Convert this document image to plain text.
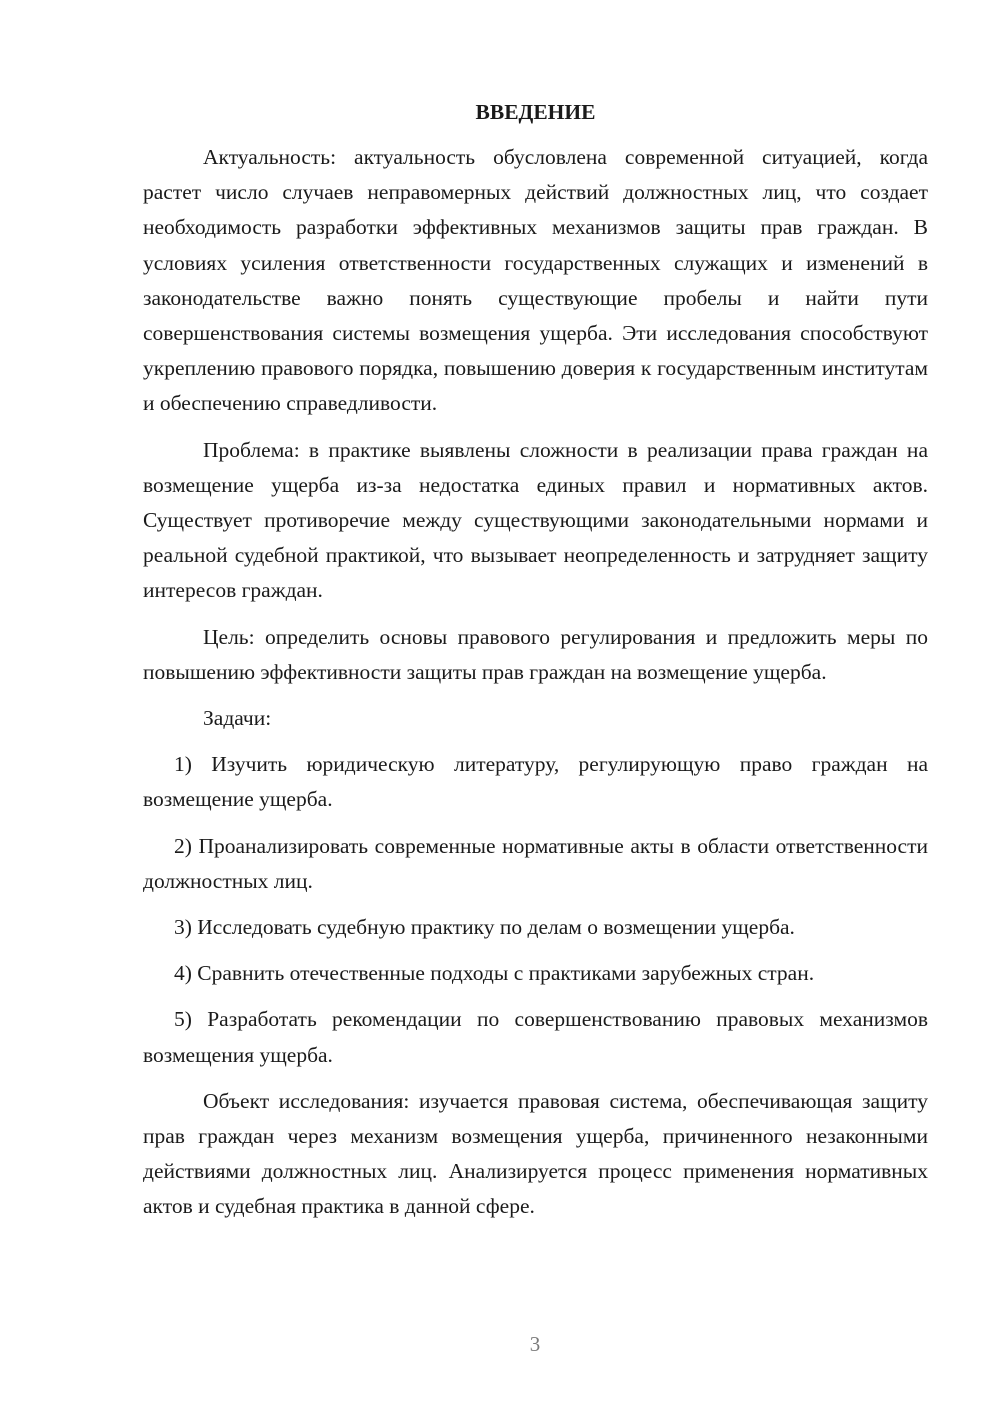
ВВЕДЕНИЕ

Актуальность: актуальность обусловлена современной ситуацией, когда растет число случаев неправомерных действий должностных лиц, что создает необходимость разработки эффективных механизмов защиты прав граждан. В условиях усиления ответственности государственных служащих и изменений в законодательстве важно понять существующие пробелы и найти пути совершенствования системы возмещения ущерба. Эти исследования способствуют укреплению правового порядка, повышению доверия к государственным институтам и обеспечению справедливости.

Проблема: в практике выявлены сложности в реализации права граждан на возмещение ущерба из-за недостатка единых правил и нормативных актов. Существует противоречие между существующими законодательными нормами и реальной судебной практикой, что вызывает неопределенность и затрудняет защиту интересов граждан.

Цель: определить основы правового регулирования и предложить меры по повышению эффективности защиты прав граждан на возмещение ущерба.

Задачи:

1) Изучить юридическую литературу, регулирующую право граждан на возмещение ущерба.

2) Проанализировать современные нормативные акты в области ответственности должностных лиц.

3) Исследовать судебную практику по делам о возмещении ущерба.

4) Сравнить отечественные подходы с практиками зарубежных стран.

5) Разработать рекомендации по совершенствованию правовых механизмов возмещения ущерба.

Объект исследования: изучается правовая система, обеспечивающая защиту прав граждан через механизм возмещения ущерба, причиненного незаконными действиями должностных лиц. Анализируется процесс применения нормативных актов и судебная практика в данной сфере.

3
